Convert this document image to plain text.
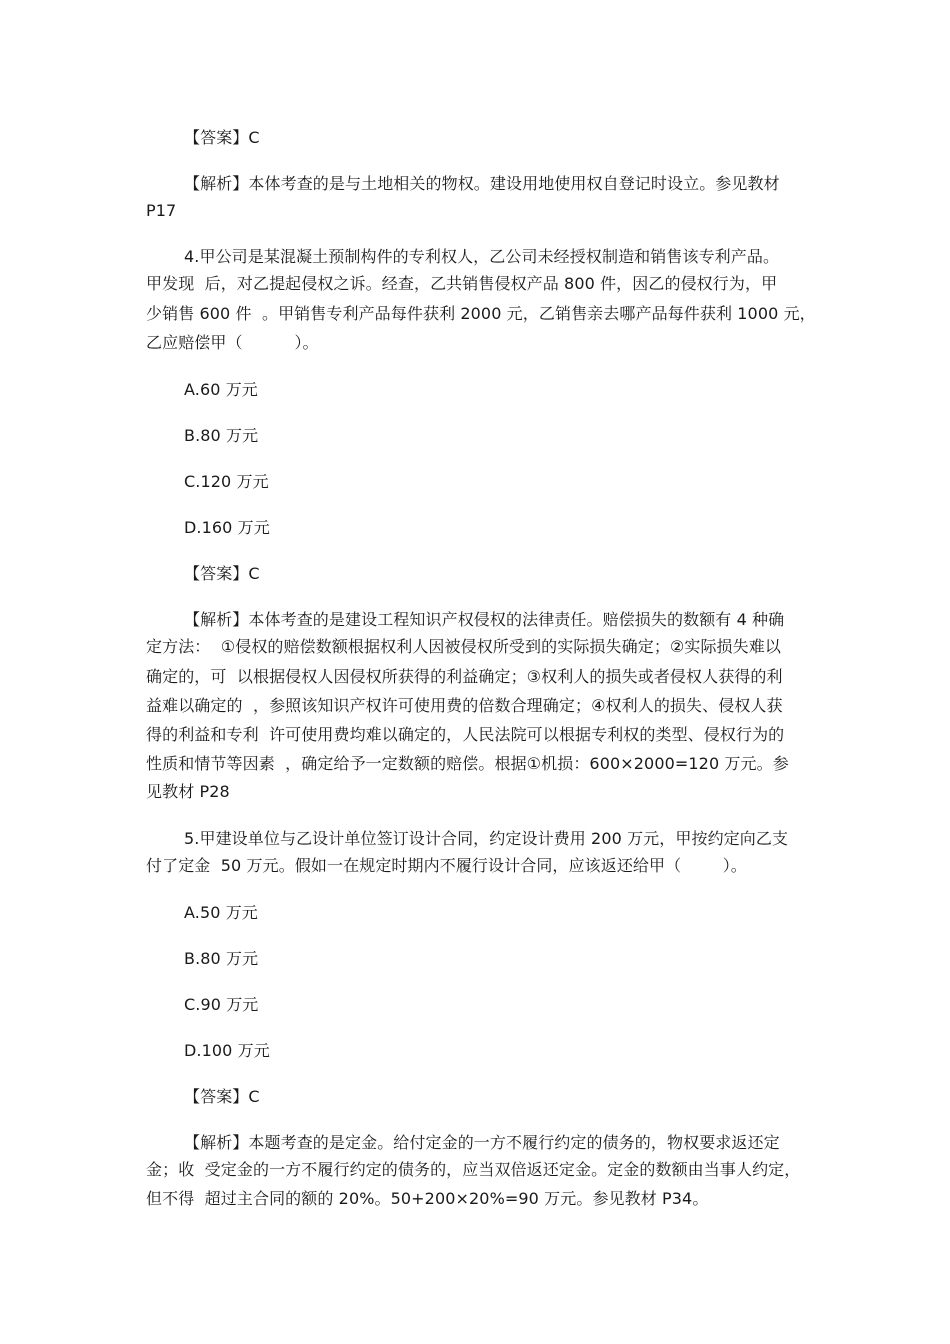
【答案】C
【解析】本体考查的是与土地相关的物权。建设用地使用权自登记时设立。参见教材
P17
4.甲公司是某混凝土预制构件的专利权人，乙公司未经授权制造和销售该专利产品。
甲发现  后，对乙提起侵权之诉。经查，乙共销售侵权产品 800 件，因乙的侵权行为，甲
少销售 600 件  。甲销售专利产品每件获利 2000 元，乙销售亲去哪产品每件获利 1000 元，
乙应赔偿甲（          ）。
A.60 万元
B.80 万元
C.120 万元
D.160 万元
【答案】C
【解析】本体考查的是建设工程知识产权侵权的法律责任。赔偿损失的数额有 4 种确
定方法：  ①侵权的赔偿数额根据权利人因被侵权所受到的实际损失确定；②实际损失难以
确定的，可  以根据侵权人因侵权所获得的利益确定；③权利人的损失或者侵权人获得的利
益难以确定的  ，参照该知识产权许可使用费的倍数合理确定；④权利人的损失、侵权人获
得的利益和专利  许可使用费均难以确定的，人民法院可以根据专利权的类型、侵权行为的
性质和情节等因素  ，确定给予一定数额的赔偿。根据①机损：600×2000=120 万元。参
见教材 P28
5.甲建设单位与乙设计单位签订设计合同，约定设计费用 200 万元，甲按约定向乙支
付了定金  50 万元。假如一在规定时期内不履行设计合同，应该返还给甲（        ）。
A.50 万元
B.80 万元
C.90 万元
D.100 万元
【答案】C
【解析】本题考查的是定金。给付定金的一方不履行约定的债务的，物权要求返还定
金；收  受定金的一方不履行约定的债务的，应当双倍返还定金。定金的数额由当事人约定，
但不得  超过主合同的额的 20%。50+200×20%=90 万元。参见教材 P34。
